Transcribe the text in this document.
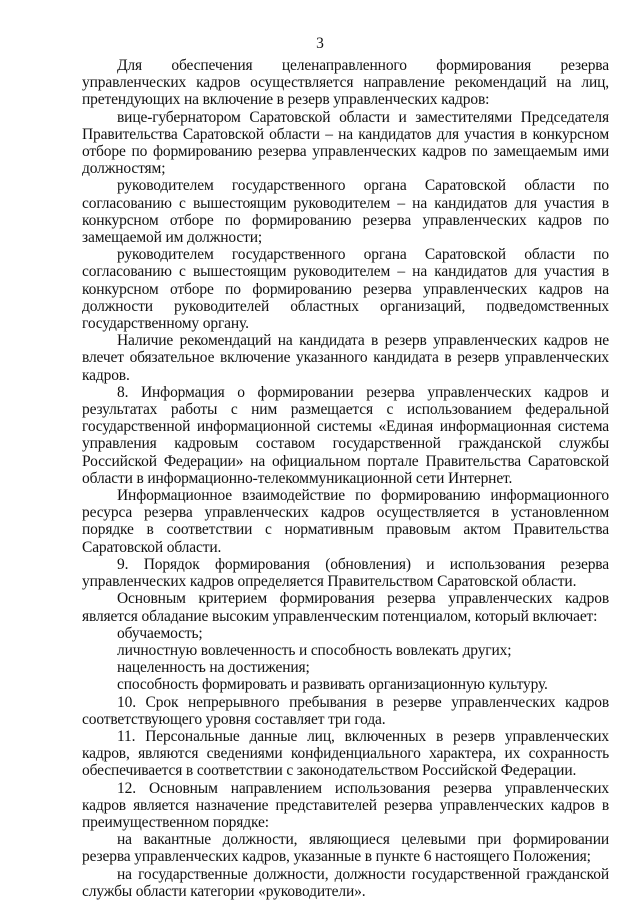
3

Для обеспечения целенаправленного формирования резерва управленческих кадров осуществляется направление рекомендаций на лиц, претендующих на включение в резерв управленческих кадров:

вице-губернатором Саратовской области и заместителями Председателя Правительства Саратовской области – на кандидатов для участия в конкурсном отборе по формированию резерва управленческих кадров по замещаемым ими должностям;

руководителем государственного органа Саратовской области по согласованию с вышестоящим руководителем – на кандидатов для участия в конкурсном отборе по формированию резерва управленческих кадров по замещаемой им должности;

руководителем государственного органа Саратовской области по согласованию с вышестоящим руководителем – на кандидатов для участия в конкурсном отборе по формированию резерва управленческих кадров на должности руководителей областных организаций, подведомственных государственному органу.

Наличие рекомендаций на кандидата в резерв управленческих кадров не влечет обязательное включение указанного кандидата в резерв управленческих кадров.

8. Информация о формировании резерва управленческих кадров и результатах работы с ним размещается с использованием федеральной государственной информационной системы «Единая информационная система управления кадровым составом государственной гражданской службы Российской Федерации» на официальном портале Правительства Саратовской области в информационно-телекоммуникационной сети Интернет.

Информационное взаимодействие по формированию информационного ресурса резерва управленческих кадров осуществляется в установленном порядке в соответствии с нормативным правовым актом Правительства Саратовской области.

9. Порядок формирования (обновления) и использования резерва управленческих кадров определяется Правительством Саратовской области.

Основным критерием формирования резерва управленческих кадров является обладание высоким управленческим потенциалом, который включает:

обучаемость;

личностную вовлеченность и способность вовлекать других;

нацеленность на достижения;

способность формировать и развивать организационную культуру.

10. Срок непрерывного пребывания в резерве управленческих кадров соответствующего уровня составляет три года.

11. Персональные данные лиц, включенных в резерв управленческих кадров, являются сведениями конфиденциального характера, их сохранность обеспечивается в соответствии с законодательством Российской Федерации.

12. Основным направлением использования резерва управленческих кадров является назначение представителей резерва управленческих кадров в преимущественном порядке:

на вакантные должности, являющиеся целевыми при формировании резерва управленческих кадров, указанные в пункте 6 настоящего Положения;

на государственные должности, должности государственной гражданской службы области категории «руководители».
